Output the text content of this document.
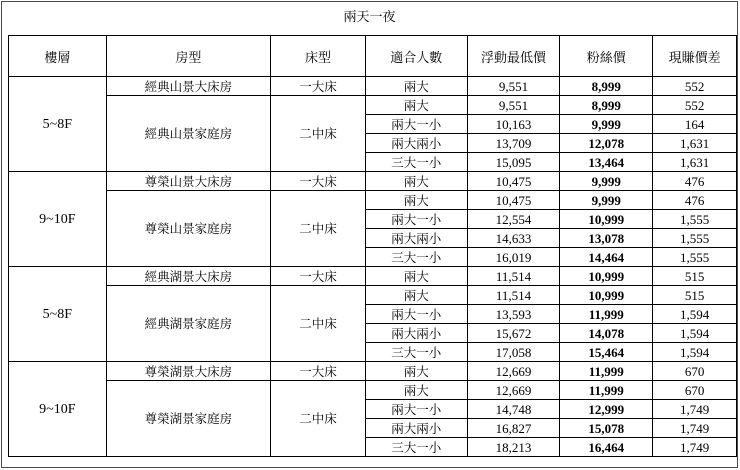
兩天一夜
樓層	房型	床型	適合人數	浮動最低價	粉絲價	現賺價差
5~8F	經典山景大床房	一大床	兩大	9,551	8,999	552
	經典山景家庭房	二中床	兩大	9,551	8,999	552
			兩大一小	10,163	9,999	164
			兩大兩小	13,709	12,078	1,631
			三大一小	15,095	13,464	1,631
9~10F	尊榮山景大床房	一大床	兩大	10,475	9,999	476
	尊榮山景家庭房	二中床	兩大	10,475	9,999	476
			兩大一小	12,554	10,999	1,555
			兩大兩小	14,633	13,078	1,555
			三大一小	16,019	14,464	1,555
5~8F	經典湖景大床房	一大床	兩大	11,514	10,999	515
	經典湖景家庭房	二中床	兩大	11,514	10,999	515
			兩大一小	13,593	11,999	1,594
			兩大兩小	15,672	14,078	1,594
			三大一小	17,058	15,464	1,594
9~10F	尊榮湖景大床房	一大床	兩大	12,669	11,999	670
	尊榮湖景家庭房	二中床	兩大	12,669	11,999	670
			兩大一小	14,748	12,999	1,749
			兩大兩小	16,827	15,078	1,749
			三大一小	18,213	16,464	1,749
